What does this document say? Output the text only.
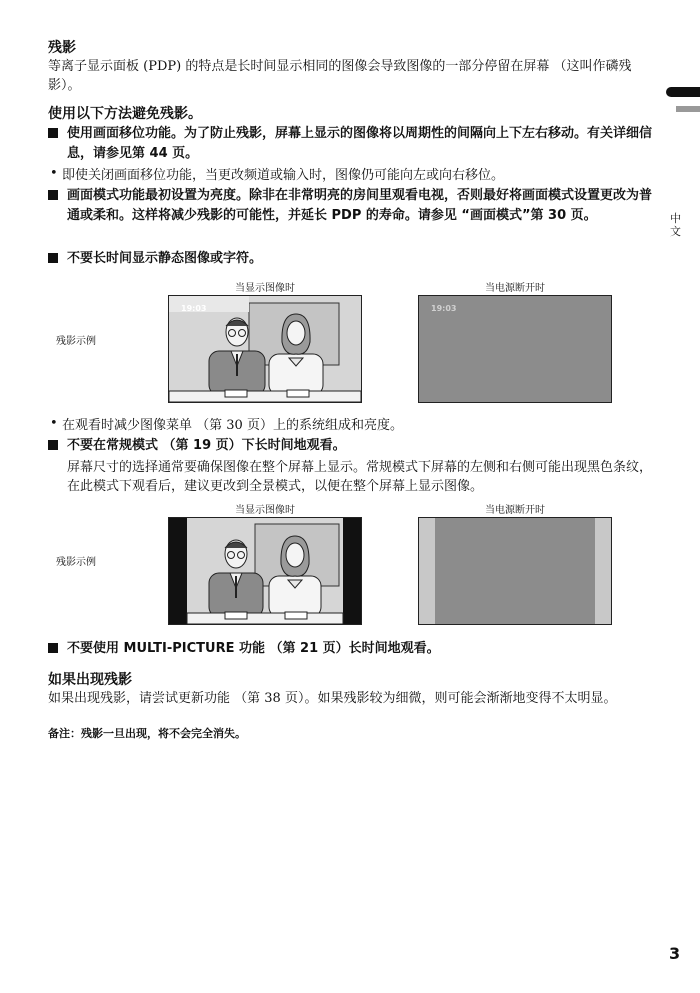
残影
等离子显示面板 (PDP) 的特点是长时间显示相同的图像会导致图像的一部分停留在屏幕 （这叫作磷残影）。
使用以下方法避免残影。
使用画面移位功能。为了防止残影，屏幕上显示的图像将以周期性的间隔向上下左右移动。有关详细信息，请参见第 44 页。
• 即使关闭画面移位功能，当更改频道或输入时，图像仍可能向左或向右移位。
画面模式功能最初设置为亮度。除非在非常明亮的房间里观看电视，否则最好将画面模式设置更改为普通或柔和。这样将减少残影的可能性，并延长 PDP 的寿命。请参见 “画面模式”第 30 页。
不要长时间显示静态图像或字符。
当显示图像时	当电源断开时
残影示例
19:03	19:03
• 在观看时减少图像菜单 （第 30 页）上的系统组成和亮度。
不要在常规模式 （第 19 页）下长时间地观看。
屏幕尺寸的选择通常要确保图像在整个屏幕上显示。常规模式下屏幕的左侧和右侧可能出现黑色条纹，在此模式下观看后，建议更改到全景模式，以便在整个屏幕上显示图像。
当显示图像时	当电源断开时
残影示例
不要使用 MULTI-PICTURE 功能 （第 21 页）长时间地观看。
如果出现残影
如果出现残影，请尝试更新功能 （第 38 页）。如果残影较为细微，则可能会渐渐地变得不太明显。
备注：残影一旦出现，将不会完全消失。
中文
3
